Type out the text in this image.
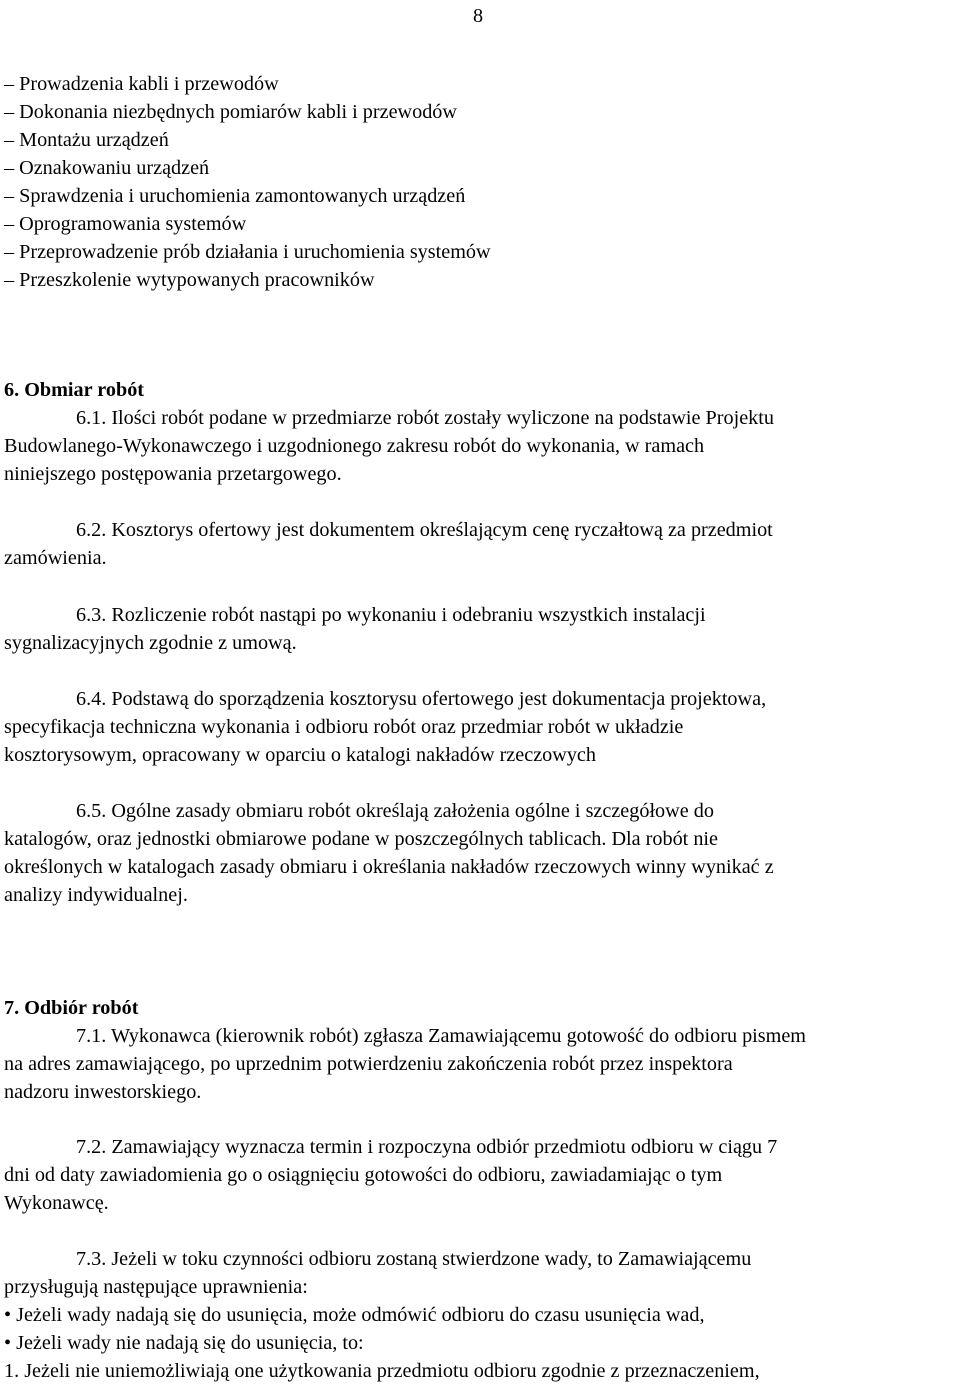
8

– Prowadzenia kabli i przewodów
– Dokonania niezbędnych pomiarów kabli i przewodów
– Montażu urządzeń
– Oznakowaniu urządzeń
– Sprawdzenia i uruchomienia zamontowanych urządzeń
– Oprogramowania systemów
– Przeprowadzenie prób działania i uruchomienia systemów
– Przeszkolenie wytypowanych pracowników
6. Obmiar robót
6.1. Ilości robót podane w przedmiarze robót zostały wyliczone na podstawie Projektu
Budowlanego-Wykonawczego i uzgodnionego zakresu robót do wykonania, w ramach
niniejszego postępowania przetargowego.
6.2. Kosztorys ofertowy jest dokumentem określającym cenę ryczałtową za przedmiot
zamówienia.
6.3. Rozliczenie robót nastąpi po wykonaniu i odebraniu wszystkich instalacji
sygnalizacyjnych zgodnie z umową.
6.4. Podstawą do sporządzenia kosztorysu ofertowego jest dokumentacja projektowa,
specyfikacja techniczna wykonania i odbioru robót oraz przedmiar robót w układzie
kosztorysowym, opracowany w oparciu o katalogi nakładów rzeczowych
6.5. Ogólne zasady obmiaru robót określają założenia ogólne i szczegółowe do
katalogów, oraz jednostki obmiarowe podane w poszczególnych tablicach. Dla robót nie
określonych w katalogach zasady obmiaru i określania nakładów rzeczowych winny wynikać z
analizy indywidualnej.
7. Odbiór robót
7.1. Wykonawca (kierownik robót) zgłasza Zamawiającemu gotowość do odbioru pismem
na adres zamawiającego, po uprzednim potwierdzeniu zakończenia robót przez inspektora
nadzoru inwestorskiego.
7.2. Zamawiający wyznacza termin i rozpoczyna odbiór przedmiotu odbioru w ciągu 7
dni od daty zawiadomienia go o osiągnięciu gotowości do odbioru, zawiadamiając o tym
Wykonawcę.
7.3. Jeżeli w toku czynności odbioru zostaną stwierdzone wady, to Zamawiającemu
przysługują następujące uprawnienia:
• Jeżeli wady nadają się do usunięcia, może odmówić odbioru do czasu usunięcia wad,
• Jeżeli wady nie nadają się do usunięcia, to:
1. Jeżeli nie uniemożliwiają one użytkowania przedmiotu odbioru zgodnie z przeznaczeniem,
